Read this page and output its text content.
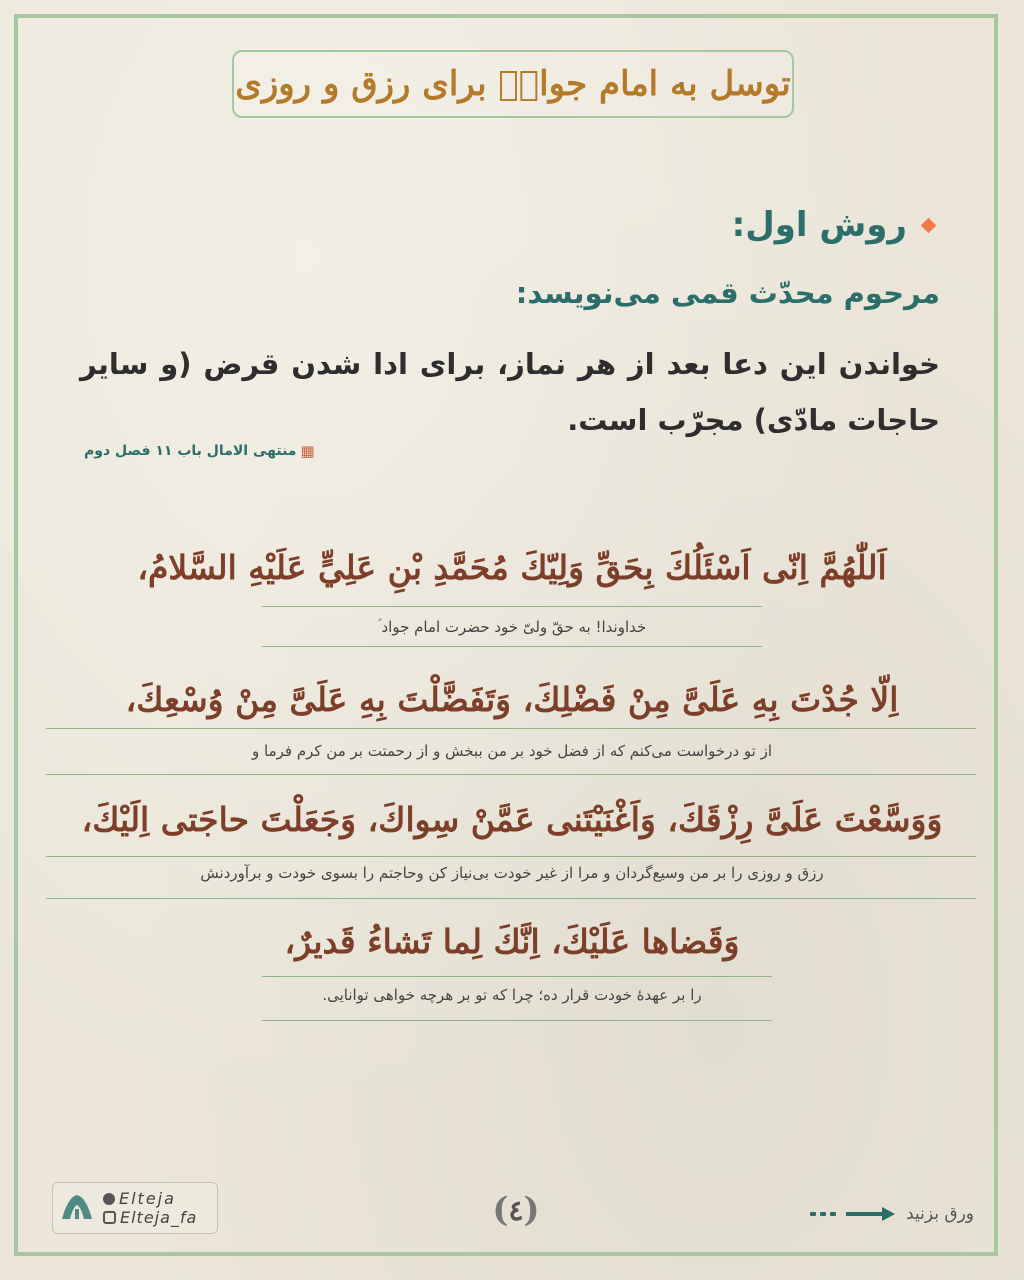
توسل به امام جوادؑ برای رزق و روزی
روش اول:
مرحوم محدّث قمی می‌نویسد:
خواندن این دعا بعد از هر نماز، برای ادا شدن قرض (و سایر حاجات مادّی) مجرّب است.
▦
منتهی الامال باب ۱۱ فصل دوم
اَللّٰهُمَّ اِنّى اَسْئَلُكَ بِحَقِّ وَلِيّكَ مُحَمَّدِ بْنِ عَلِيٍّ عَلَيْهِ السَّلامُ،
خداوندا! به حقّ ولیّ خود حضرت امام جواد ؑ
اِلّا جُدْتَ بِهِ عَلَىَّ مِنْ فَضْلِكَ، وَتَفَضَّلْتَ بِهِ عَلَىَّ مِنْ وُسْعِكَ،
از تو درخواست می‌کنم که از فضل خود بر من ببخش و از رحمتت بر من کرم فرما و
وَوَسَّعْتَ عَلَىَّ رِزْقَكَ، وَاَغْنَيْتَنى عَمَّنْ سِواكَ، وَجَعَلْتَ حاجَتى اِلَيْكَ،
رزق و روزی را بر من وسیع‌گردان و مرا از غیر خودت بی‌نیاز کن وحاجتم را بسوی خودت و برآوردنش
وَقَضاها عَلَيْكَ، اِنَّكَ لِما تَشاءُ قَديرٌ،
را بر عهدهٔ خودت قرار ده؛ چرا که تو بر هرچه خواهی توانایی.
Elteja
Elteja_fa	( ٤ )	ورق بزنید
